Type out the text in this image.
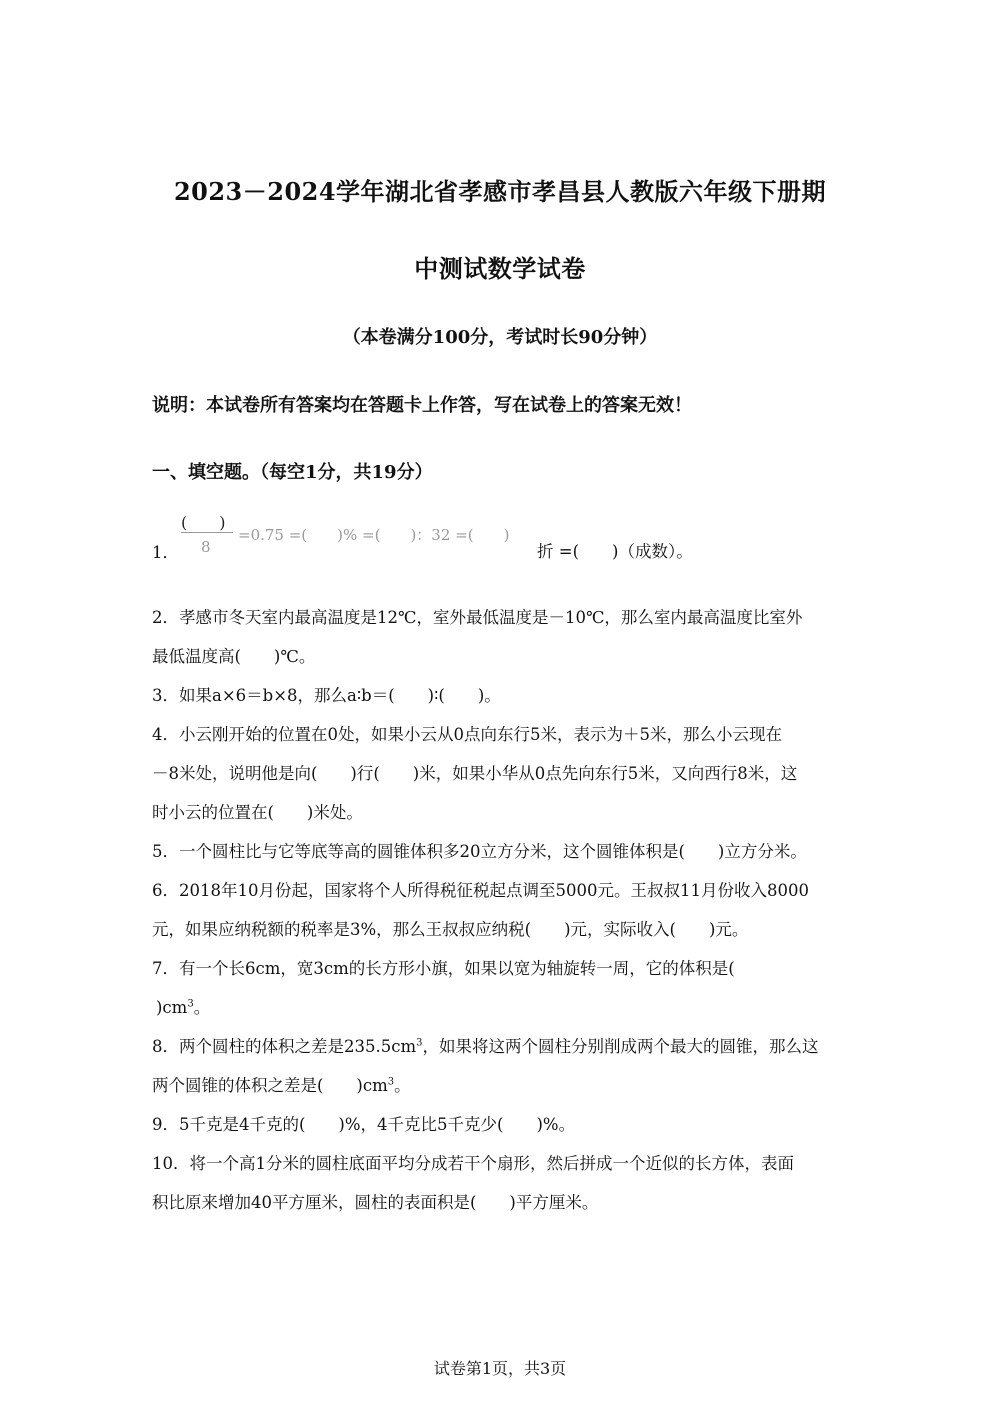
2023－2024学年湖北省孝感市孝昌县人教版六年级下册期
中测试数学试卷
（本卷满分100分，考试时长90分钟）
说明：本试卷所有答案均在答题卡上作答，写在试卷上的答案无效！
一、填空题。（每空1分，共19分）
1．
(　　)
8
=0.75 =(　　)% =(　　)：32 =(　　)
折 =(　　)（成数）。
2．孝感市冬天室内最高温度是12℃，室外最低温度是－10℃，那么室内最高温度比室外
最低温度高(　　)℃。
3．如果a×6＝b×8，那么a∶b＝(　　)∶(　　)。
4．小云刚开始的位置在0处，如果小云从0点向东行5米，表示为＋5米，那么小云现在
－8米处，说明他是向(　　)行(　　)米，如果小华从0点先向东行5米，又向西行8米，这
时小云的位置在(　　)米处。
5．一个圆柱比与它等底等高的圆锥体积多20立方分米，这个圆锥体积是(　　)立方分米。
6．2018年10月份起，国家将个人所得税征税起点调至5000元。王叔叔11月份收入8000
元，如果应纳税额的税率是3%，那么王叔叔应纳税(　　)元，实际收入(　　)元。
7．有一个长6cm，宽3cm的长方形小旗，如果以宽为轴旋转一周，它的体积是(
)$cm^3$。
8．两个圆柱的体积之差是$235.5cm^3$，如果将这两个圆柱分别削成两个最大的圆锥，那么这
两个圆锥的体积之差是(　　)$cm^3$。
9．5千克是4千克的(　　)%，4千克比5千克少(　　)%。
10．将一个高1分米的圆柱底面平均分成若干个扇形，然后拼成一个近似的长方体，表面
积比原来增加40平方厘米，圆柱的表面积是(　　)平方厘米。
试卷第1页，共3页
